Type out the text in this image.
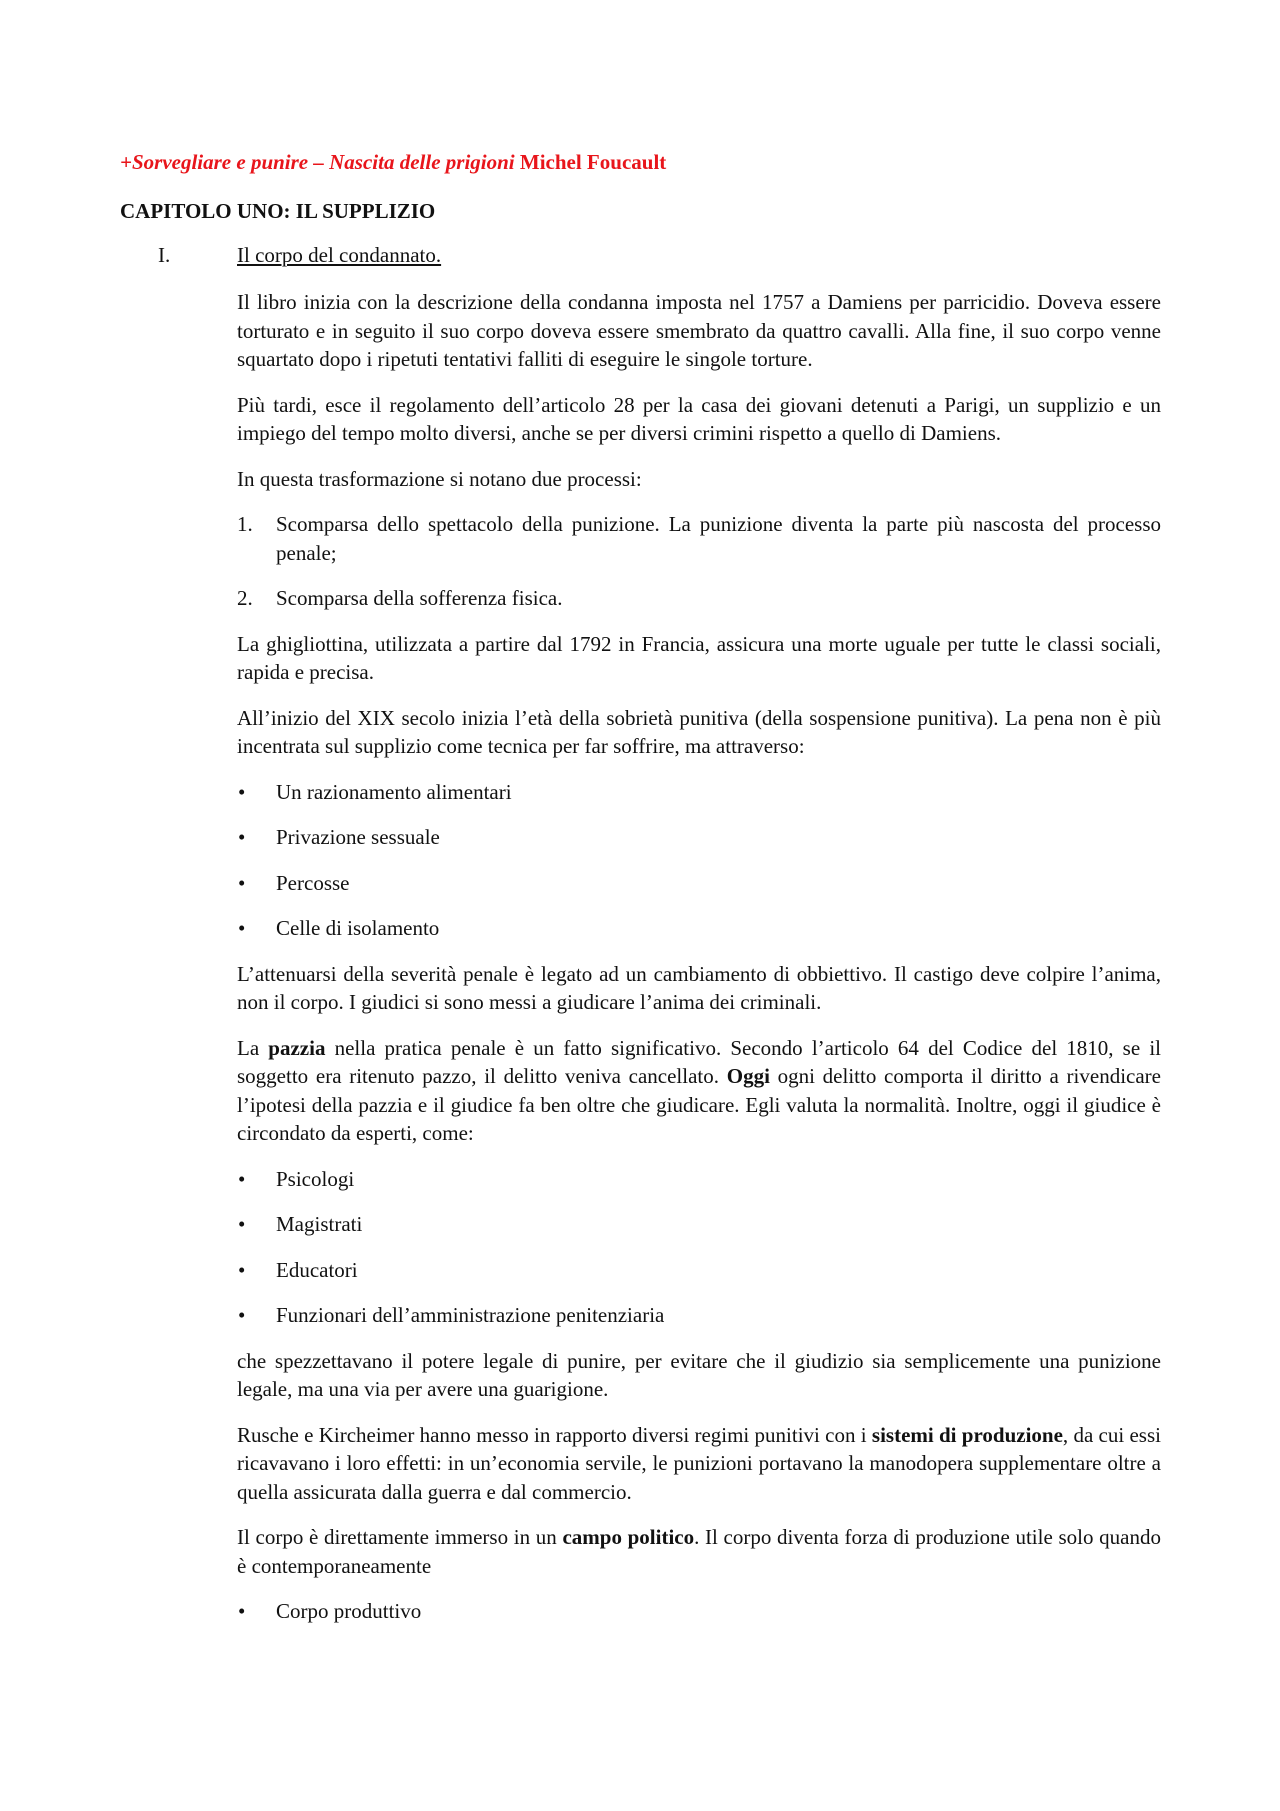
+Sorvegliare e punire – Nascita delle prigioni Michel Foucault

CAPITOLO UNO: IL SUPPLIZIO

I.	Il corpo del condannato.

Il libro inizia con la descrizione della condanna imposta nel 1757 a Damiens per parricidio. Doveva essere torturato e in seguito il suo corpo doveva essere smembrato da quattro cavalli. Alla fine, il suo corpo venne squartato dopo i ripetuti tentativi falliti di eseguire le singole torture.

Più tardi, esce il regolamento dell’articolo 28 per la casa dei giovani detenuti a Parigi, un supplizio e un impiego del tempo molto diversi, anche se per diversi crimini rispetto a quello di Damiens.

In questa trasformazione si notano due processi:

1. Scomparsa dello spettacolo della punizione. La punizione diventa la parte più nascosta del processo penale;
2. Scomparsa della sofferenza fisica.

La ghigliottina, utilizzata a partire dal 1792 in Francia, assicura una morte uguale per tutte le classi sociali, rapida e precisa.

All’inizio del XIX secolo inizia l’età della sobrietà punitiva (della sospensione punitiva). La pena non è più incentrata sul supplizio come tecnica per far soffrire, ma attraverso:

• Un razionamento alimentari
• Privazione sessuale
• Percosse
• Celle di isolamento

L’attenuarsi della severità penale è legato ad un cambiamento di obbiettivo. Il castigo deve colpire l’anima, non il corpo. I giudici si sono messi a giudicare l’anima dei criminali.

La pazzia nella pratica penale è un fatto significativo. Secondo l’articolo 64 del Codice del 1810, se il soggetto era ritenuto pazzo, il delitto veniva cancellato. Oggi ogni delitto comporta il diritto a rivendicare l’ipotesi della pazzia e il giudice fa ben oltre che giudicare. Egli valuta la normalità. Inoltre, oggi il giudice è circondato da esperti, come:

• Psicologi
• Magistrati
• Educatori
• Funzionari dell’amministrazione penitenziaria

che spezzettavano il potere legale di punire, per evitare che il giudizio sia semplicemente una punizione legale, ma una via per avere una guarigione.

Rusche e Kircheimer hanno messo in rapporto diversi regimi punitivi con i sistemi di produzione, da cui essi ricavavano i loro effetti: in un’economia servile, le punizioni portavano la manodopera supplementare oltre a quella assicurata dalla guerra e dal commercio.

Il corpo è direttamente immerso in un campo politico. Il corpo diventa forza di produzione utile solo quando è contemporaneamente

• Corpo produttivo
